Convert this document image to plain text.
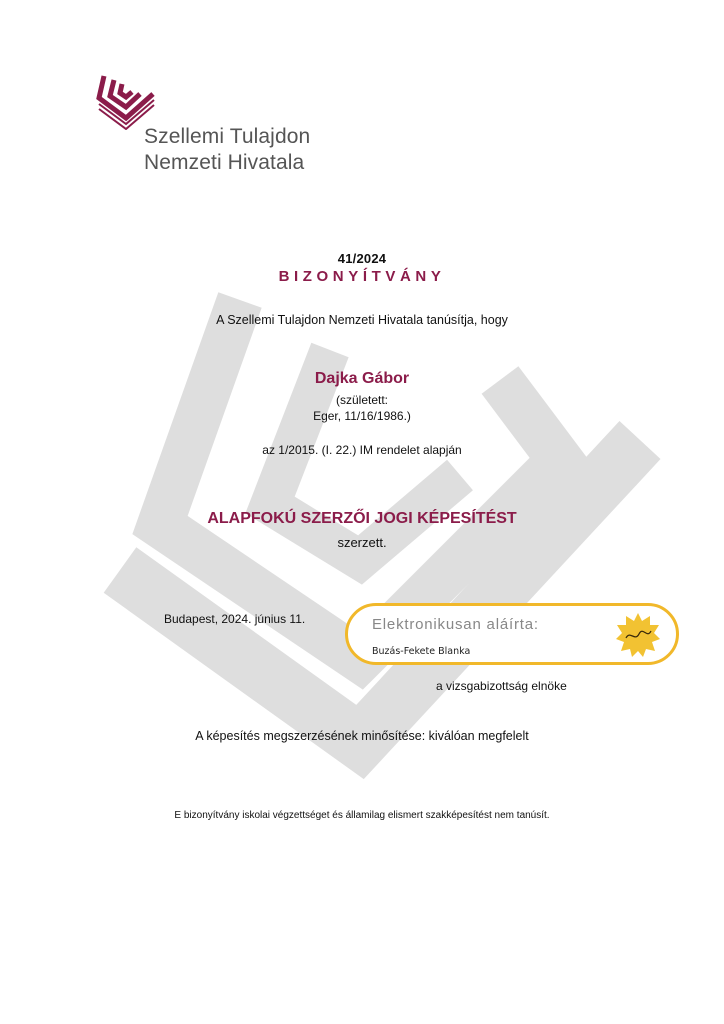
Szellemi Tulajdon
Nemzeti Hivatala
41/2024
BIZONYÍTVÁNY
A Szellemi Tulajdon Nemzeti Hivatala tanúsítja, hogy
Dajka Gábor
(született:
Eger, 11/16/1986.)
az 1/2015. (I. 22.) IM rendelet alapján
ALAPFOKÚ SZERZŐI JOGI KÉPESÍTÉST
szerzett.
Budapest, 2024. június 11.	Elektronikusan aláírta:
Buzás-Fekete Blanka
a vizsgabizottság elnöke
A képesítés megszerzésének minősítése: kiválóan megfelelt
E bizonyítvány iskolai végzettséget és államilag elismert szakképesítést nem tanúsít.
